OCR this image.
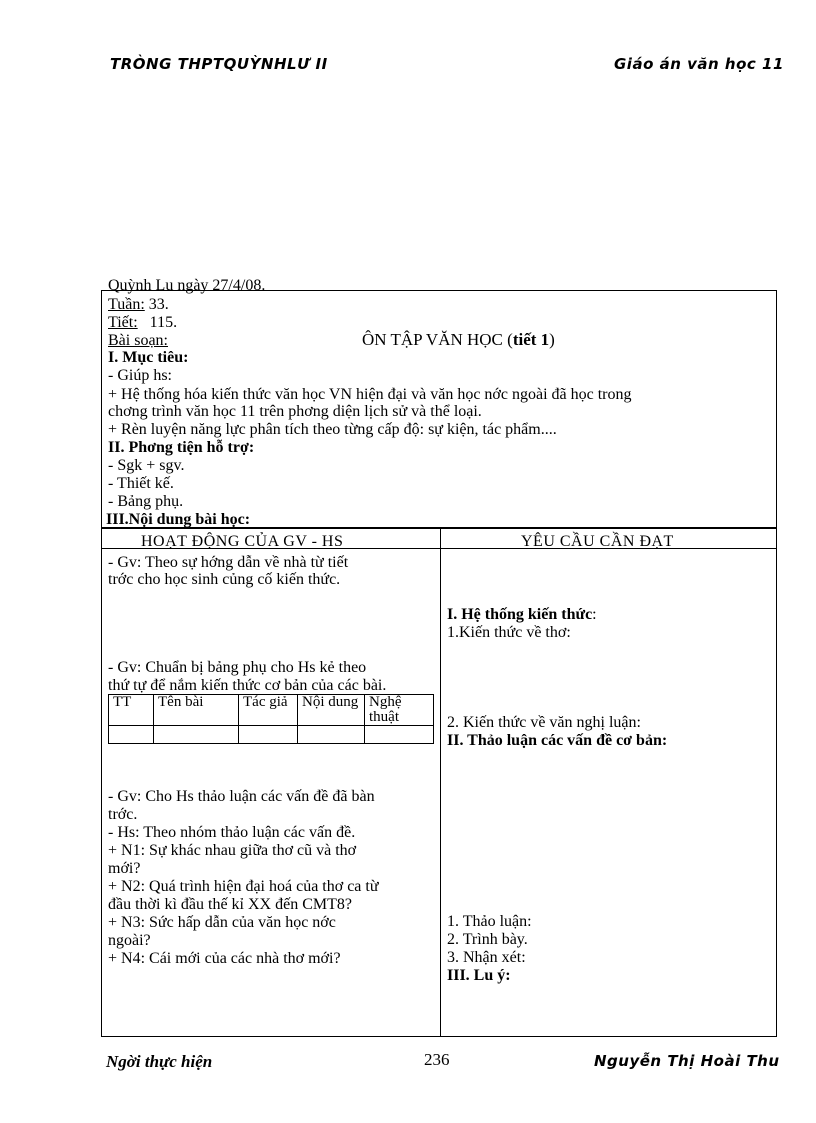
TRÒNG THPTQUỲNHLƯ II	Giáo án văn học 11
Quỳnh Lu ngày 27/4/08.
Tuần: 33.
Tiết: 115.
Bài soạn:	ÔN TẬP VĂN HỌC (tiết 1)
I. Mục tiêu:
- Giúp hs:
+ Hệ thống hóa kiến thức văn học VN hiện đại và văn học nớc ngoài đã học trong
chơng trình văn học 11 trên phơng diện lịch sử và thể loại.
+ Rèn luyện năng lực phân tích theo từng cấp độ: sự kiện, tác phẩm....
II. Phơng tiện hỗ trợ:
- Sgk + sgv.
- Thiết kế.
- Bảng phụ.
III.Nội dung bài học:
HOẠT ĐỘNG CỦA GV - HS	YÊU CẦU CẦN ĐẠT
- Gv: Theo sự hớng dẫn về nhà từ tiết
trớc cho học sinh củng cố kiến thức.
- Gv: Chuẩn bị bảng phụ cho Hs kẻ theo
thứ tự để nắm kiến thức cơ bản của các bài.
TT	Tên bài	Tác giả	Nội dung	Nghệ thuật

- Gv: Cho Hs thảo luận các vấn đề đã bàn
trớc.
- Hs: Theo nhóm thảo luận các vấn đề.
+ N1: Sự khác nhau giữa thơ cũ và thơ
mới?
+ N2: Quá trình hiện đại hoá của thơ ca từ
đầu thời kì đầu thế kỉ XX đến CMT8?
+ N3: Sức hấp dẫn của văn học nớc
ngoài?
+ N4: Cái mới của các nhà thơ mới?
I. Hệ thống kiến thức:
1.Kiến thức về thơ:
2. Kiến thức về văn nghị luận:
II. Thảo luận các vấn đề cơ bản:
1. Thảo luận:
2. Trình bày.
3. Nhận xét:
III. Lu ý:
Ngời thực hiện	236	Nguyễn Thị Hoài Thu
